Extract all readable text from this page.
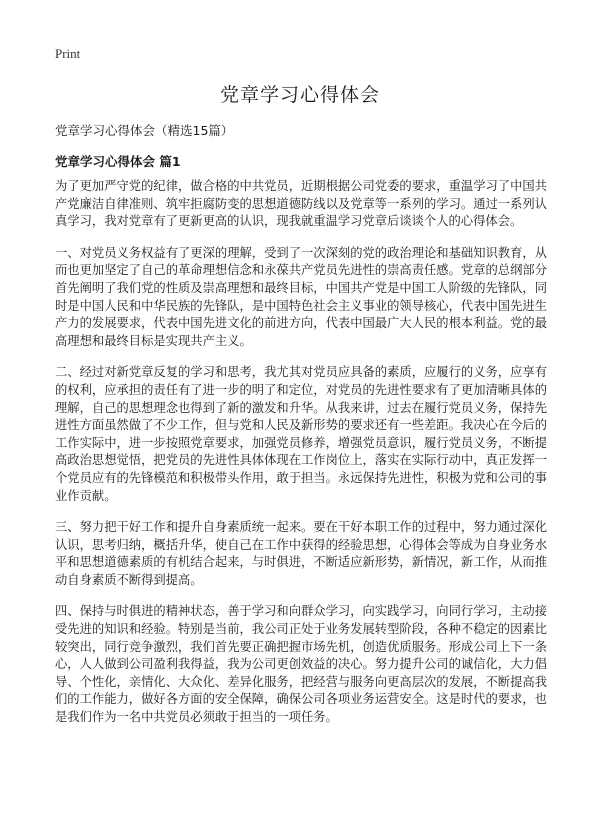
Print
党章学习心得体会

党章学习心得体会（精选15篇）

党章学习心得体会 篇1

为了更加严守党的纪律，做合格的中共党员，近期根据公司党委的要求，重温学习了中国共产党廉洁自律准则、筑牢拒腐防变的思想道德防线以及党章等一系列的学习。通过一系列认真学习，我对党章有了更新更高的认识，现我就重温学习党章后谈谈个人的心得体会。

一、对党员义务权益有了更深的理解，受到了一次深刻的党的政治理论和基础知识教育，从而也更加坚定了自己的革命理想信念和永葆共产党员先进性的崇高责任感。党章的总纲部分首先阐明了我们党的性质及崇高理想和最终目标，中国共产党是中国工人阶级的先锋队，同时是中国人民和中华民族的先锋队，是中国特色社会主义事业的领导核心，代表中国先进生产力的发展要求，代表中国先进文化的前进方向，代表中国最广大人民的根本利益。党的最高理想和最终目标是实现共产主义。

二、经过对新党章反复的学习和思考，我尤其对党员应具备的素质，应履行的义务，应享有的权利，应承担的责任有了进一步的明了和定位，对党员的先进性要求有了更加清晰具体的理解，自己的思想理念也得到了新的激发和升华。从我来讲，过去在履行党员义务，保持先进性方面虽然做了不少工作，但与党和人民及新形势的要求还有一些差距。我决心在今后的工作实际中，进一步按照党章要求，加强党员修养，增强党员意识，履行党员义务，不断提高政治思想觉悟，把党员的先进性具体体现在工作岗位上，落实在实际行动中，真正发挥一个党员应有的先锋模范和积极带头作用，敢于担当。永远保持先进性，积极为党和公司的事业作贡献。

三、努力把干好工作和提升自身素质统一起来。要在干好本职工作的过程中，努力通过深化认识，思考归纳，概括升华，使自己在工作中获得的经验思想，心得体会等成为自身业务水平和思想道德素质的有机结合起来，与时俱进，不断适应新形势，新情况，新工作，从而推动自身素质不断得到提高。

四、保持与时俱进的精神状态，善于学习和向群众学习，向实践学习，向同行学习，主动接受先进的知识和经验。特别是当前，我公司正处于业务发展转型阶段，各种不稳定的因素比较突出，同行竞争激烈，我们首先要正确把握市场先机，创造优质服务。形成公司上下一条心，人人做到公司盈利我得益，我为公司更创效益的决心。努力提升公司的诚信化，大力倡导、个性化，亲情化、大众化、差异化服务，把经营与服务向更高层次的发展，不断提高我们的工作能力，做好各方面的安全保障，确保公司各项业务运营安全。这是时代的要求，也是我们作为一名中共党员必须敢于担当的一项任务。
